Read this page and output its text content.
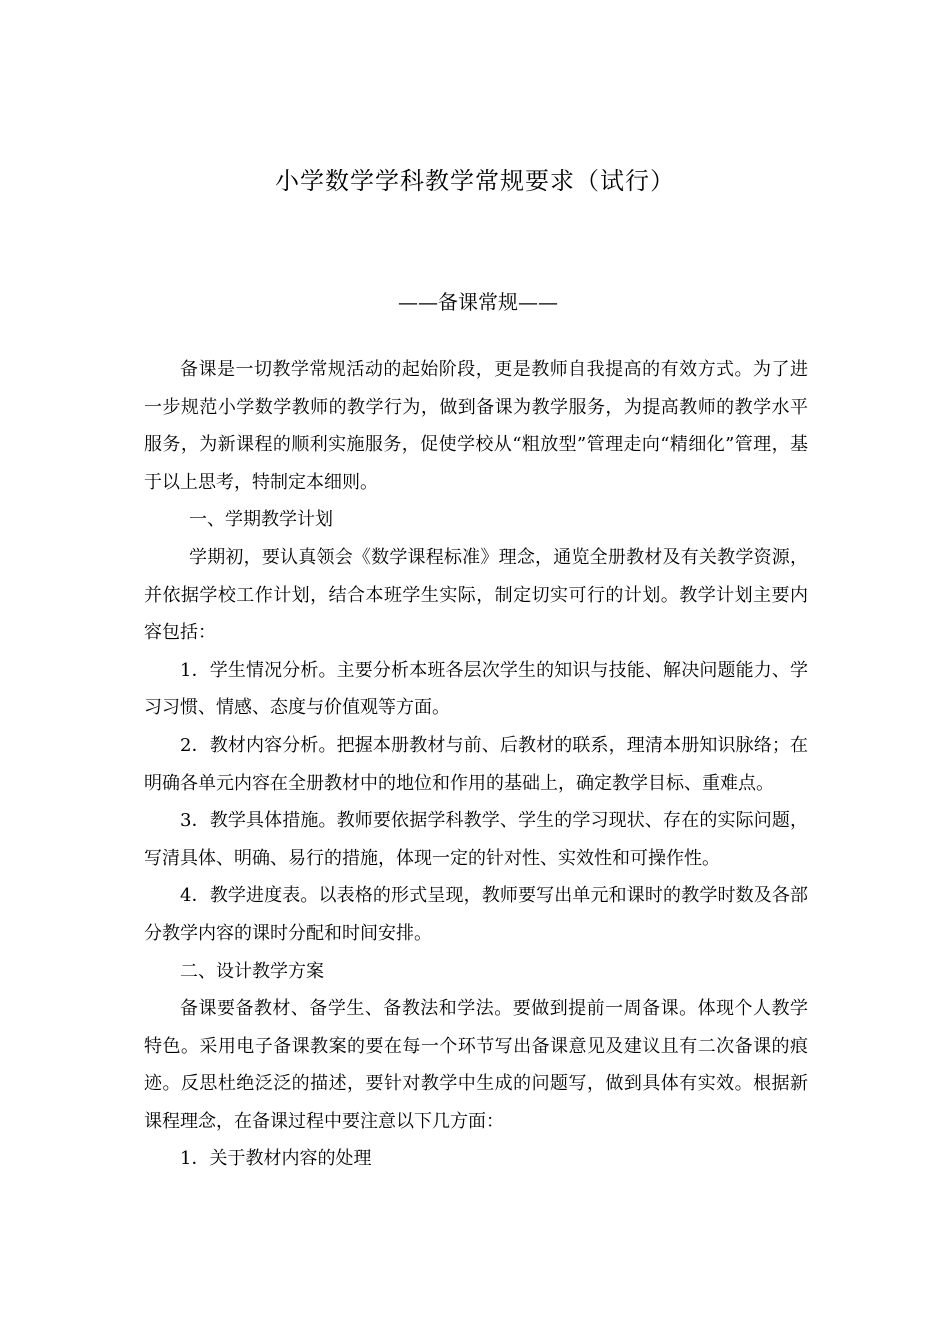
小学数学学科教学常规要求（试行）
——备课常规——

备课是一切教学常规活动的起始阶段，更是教师自我提高的有效方式。为了进一步规范小学数学教师的教学行为，做到备课为教学服务，为提高教师的教学水平服务，为新课程的顺利实施服务，促使学校从“粗放型”管理走向“精细化”管理，基于以上思考，特制定本细则。

一、学期教学计划

学期初，要认真领会《数学课程标准》理念，通览全册教材及有关教学资源，并依据学校工作计划，结合本班学生实际，制定切实可行的计划。教学计划主要内容包括：

1．学生情况分析。主要分析本班各层次学生的知识与技能、解决问题能力、学习习惯、情感、态度与价值观等方面。

2．教材内容分析。把握本册教材与前、后教材的联系，理清本册知识脉络；在明确各单元内容在全册教材中的地位和作用的基础上，确定教学目标、重难点。

3．教学具体措施。教师要依据学科教学、学生的学习现状、存在的实际问题，写清具体、明确、易行的措施，体现一定的针对性、实效性和可操作性。

4．教学进度表。以表格的形式呈现，教师要写出单元和课时的教学时数及各部分教学内容的课时分配和时间安排。

二、设计教学方案

备课要备教材、备学生、备教法和学法。要做到提前一周备课。体现个人教学特色。采用电子备课教案的要在每一个环节写出备课意见及建议且有二次备课的痕迹。反思杜绝泛泛的描述，要针对教学中生成的问题写，做到具体有实效。根据新课程理念，在备课过程中要注意以下几方面：

1．关于教材内容的处理
